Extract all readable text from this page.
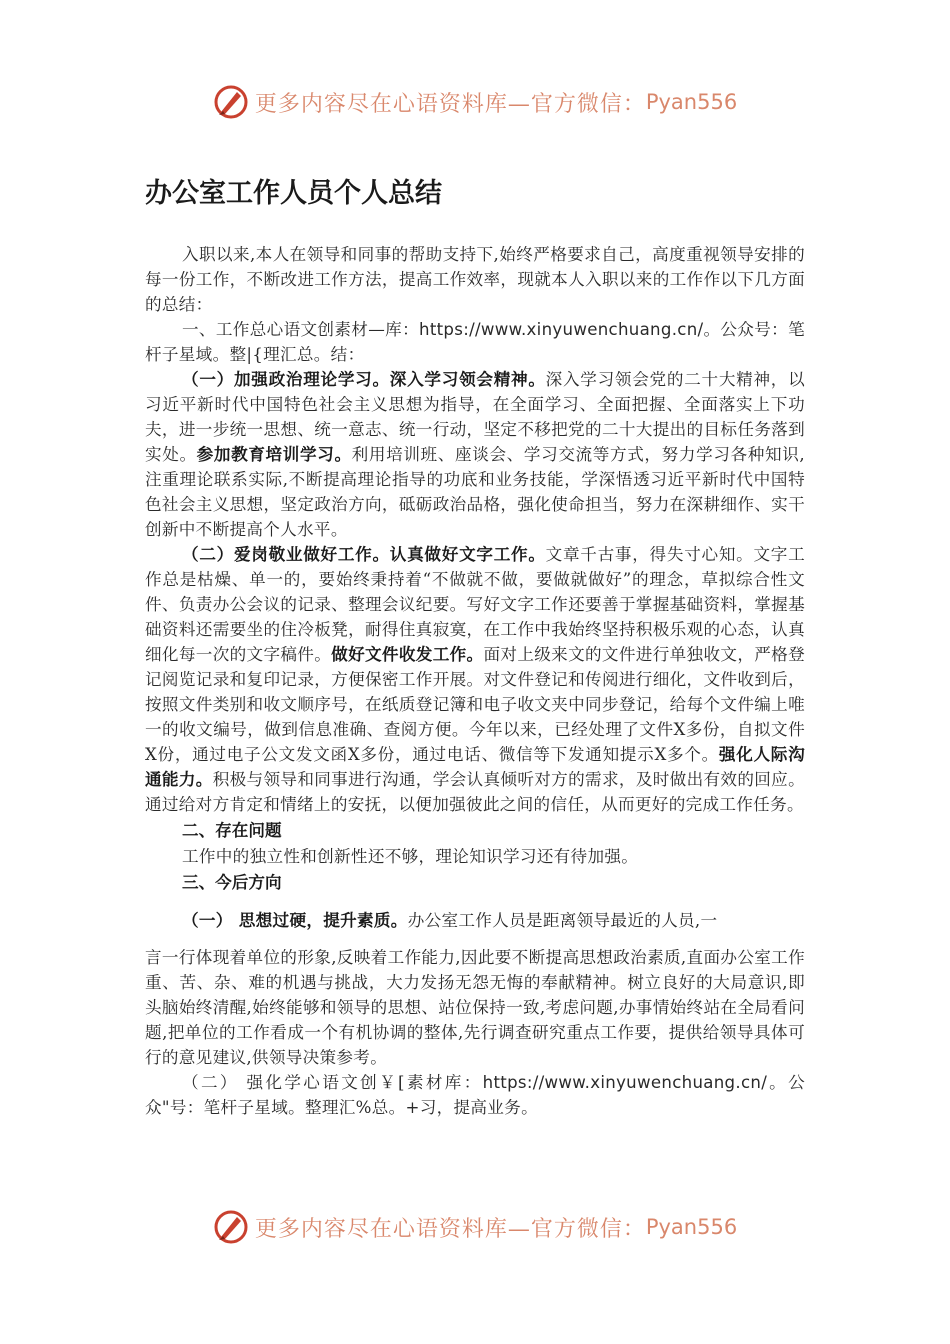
更多内容尽在心语资料库—官方微信： Pyan556
办公室工作人员个人总结

入职以来,本人在领导和同事的帮助支持下,始终严格要求自己，高度重视领导安排的每一份工作，不断改进工作方法，提高工作效率，现就本人入职以来的工作作以下几方面的总结：

一、工作总心语文创素材—库：https://www.xinyuwenchuang.cn/。公众号：笔杆子星域。整|{理汇总。结：

（一）加强政治理论学习。深入学习领会精神。深入学习领会党的二十大精神，以习近平新时代中国特色社会主义思想为指导，在全面学习、全面把握、全面落实上下功夫，进一步统一思想、统一意志、统一行动，坚定不移把党的二十大提出的目标任务落到实处。参加教育培训学习。利用培训班、座谈会、学习交流等方式，努力学习各种知识,注重理论联系实际,不断提高理论指导的功底和业务技能，学深悟透习近平新时代中国特色社会主义思想，坚定政治方向，砥砺政治品格，强化使命担当，努力在深耕细作、实干创新中不断提高个人水平。

（二）爱岗敬业做好工作。认真做好文字工作。文章千古事，得失寸心知。文字工作总是枯燥、单一的，要始终秉持着“不做就不做，要做就做好”的理念，草拟综合性文件、负责办公会议的记录、整理会议纪要。写好文字工作还要善于掌握基础资料，掌握基础资料还需要坐的住冷板凳，耐得住真寂寞，在工作中我始终坚持积极乐观的心态，认真细化每一次的文字稿件。做好文件收发工作。面对上级来文的文件进行单独收文，严格登记阅览记录和复印记录，方便保密工作开展。对文件登记和传阅进行细化，文件收到后，按照文件类别和收文顺序号，在纸质登记簿和电子收文夹中同步登记，给每个文件编上唯一的收文编号，做到信息准确、查阅方便。今年以来，已经处理了文件X多份，自拟文件X份，通过电子公文发文函X多份，通过电话、微信等下发通知提示X多个。强化人际沟通能力。积极与领导和同事进行沟通，学会认真倾听对方的需求，及时做出有效的回应。通过给对方肯定和情绪上的安抚，以便加强彼此之间的信任，从而更好的完成工作任务。

二、存在问题

工作中的独立性和创新性还不够，理论知识学习还有待加强。

三、今后方向

（一） 思想过硬，提升素质。办公室工作人员是距离领导最近的人员,一

言一行体现着单位的形象,反映着工作能力,因此要不断提高思想政治素质,直面办公室工作重、苦、杂、难的机遇与挑战，大力发扬无怨无悔的奉献精神。树立良好的大局意识,即头脑始终清醒,始终能够和领导的思想、站位保持一致,考虑问题,办事情始终站在全局看问题,把单位的工作看成一个有机协调的整体,先行调查研究重点工作要，提供给领导具体可行的意见建议,供领导决策参考。

（二） 强化学心语文创￥[素材库：https://www.xinyuwenchuang.cn/。公众"号：笔杆子星域。整理汇%总。+习，提高业务。

更多内容尽在心语资料库—官方微信： Pyan556
